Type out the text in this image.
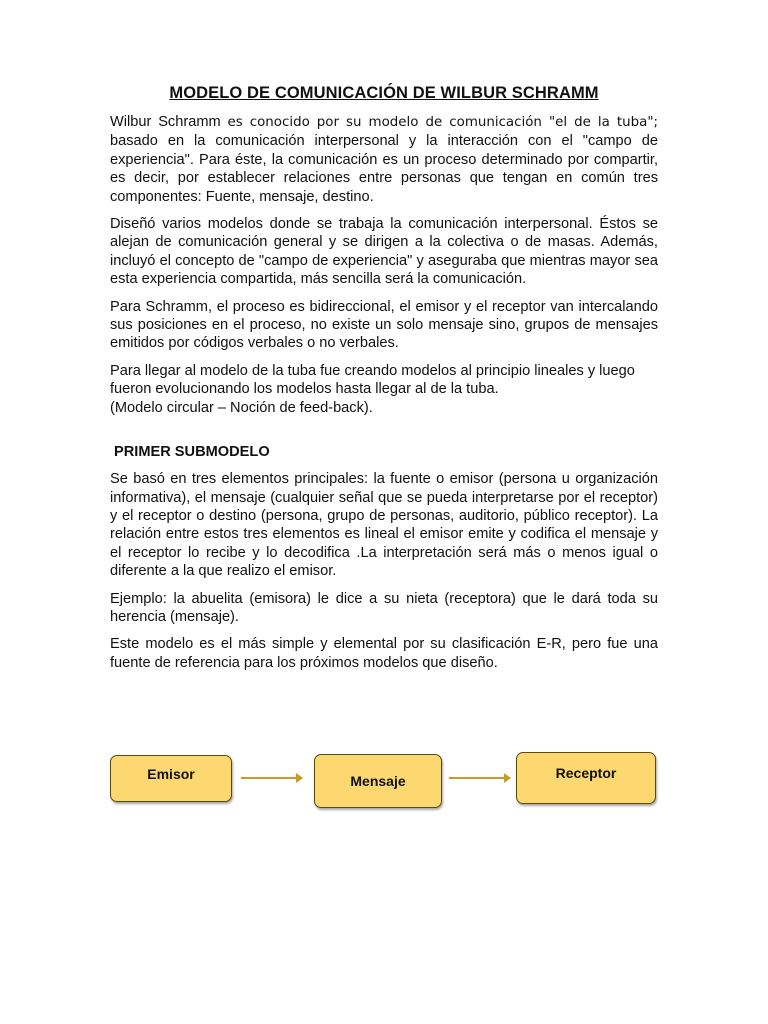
MODELO DE COMUNICACIÓN DE WILBUR SCHRAMM

Wilbur Schramm es conocido por su modelo de comunicación "el de la tuba"; basado en la comunicación interpersonal y la interacción con el "campo de experiencia". Para éste, la comunicación es un proceso determinado por compartir, es decir, por establecer relaciones entre personas que tengan en común tres componentes: Fuente, mensaje, destino.

Diseñó varios modelos donde se trabaja la comunicación interpersonal. Éstos se alejan de comunicación general y se dirigen a la colectiva o de masas. Además, incluyó el concepto de "campo de experiencia" y aseguraba que mientras mayor sea esta experiencia compartida, más sencilla será la comunicación.

Para Schramm, el proceso es bidireccional, el emisor y el receptor van intercalando sus posiciones en el proceso, no existe un solo mensaje sino, grupos de mensajes emitidos por códigos verbales o no verbales.

Para llegar al modelo de la tuba fue creando modelos al principio lineales y luego fueron evolucionando los modelos hasta llegar al de la tuba.
(Modelo circular – Noción de feed-back).

PRIMER SUBMODELO

Se basó en tres elementos principales: la fuente o emisor (persona u organización informativa), el mensaje (cualquier señal que se pueda interpretarse por el receptor) y el receptor o destino (persona, grupo de personas, auditorio, público receptor). La relación entre estos tres elementos es lineal el emisor emite y codifica el mensaje y el receptor lo recibe y lo decodifica .La interpretación será más o menos igual o diferente a la que realizo el emisor.

Ejemplo: la abuelita (emisora) le dice a su nieta (receptora) que le dará toda su herencia (mensaje).

Este modelo es el más simple y elemental por su clasificación E-R, pero fue una fuente de referencia para los próximos modelos que diseño.

Emisor	Mensaje	Receptor
